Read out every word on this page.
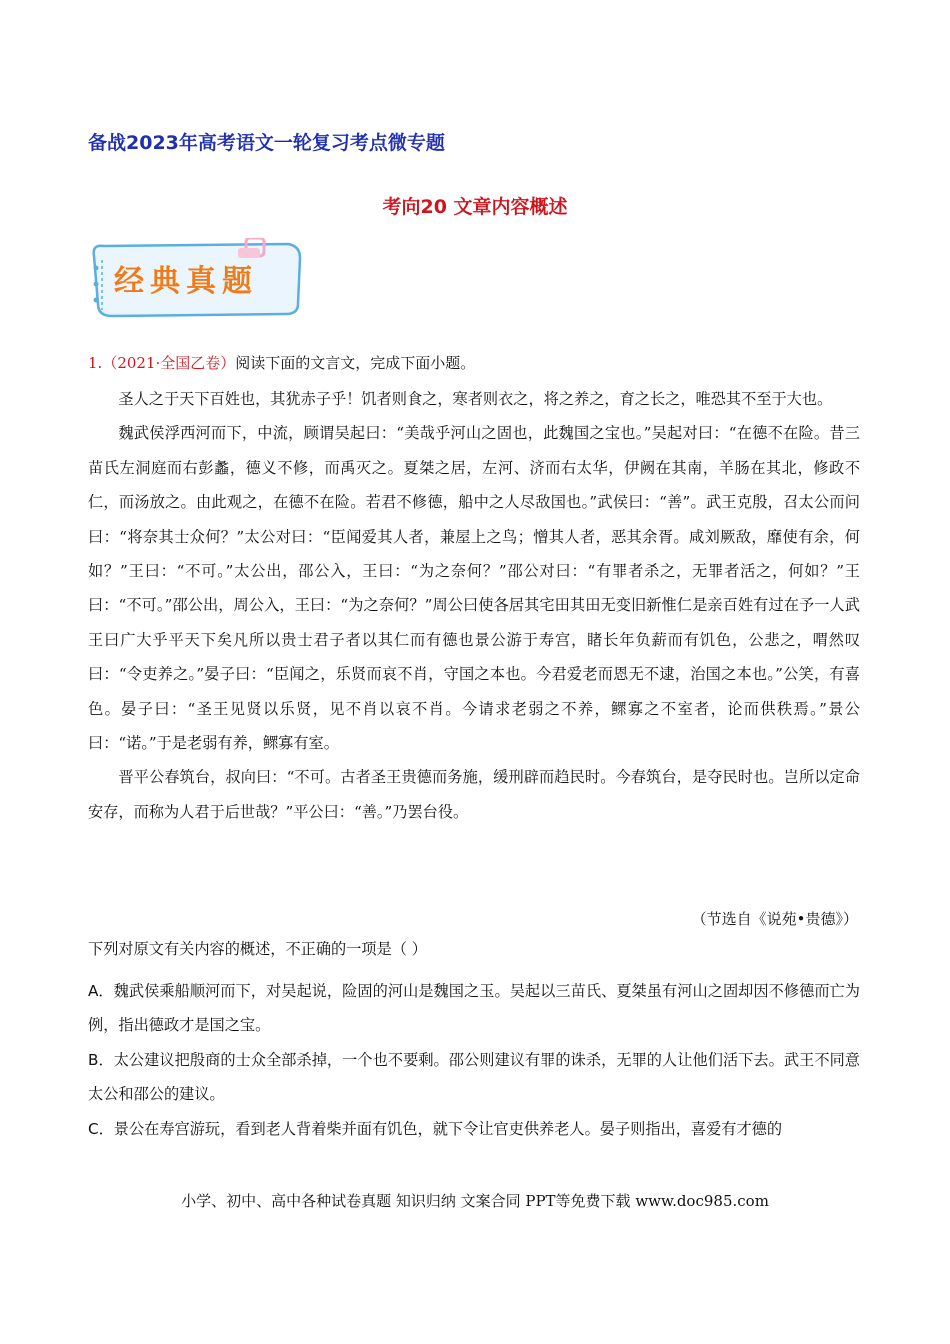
备战2023年高考语文一轮复习考点微专题
考向20 文章内容概述
经典真题
1.（2021·全国乙卷）阅读下面的文言文，完成下面小题。

圣人之于天下百姓也，其犹赤子乎！饥者则食之，寒者则衣之，将之养之，育之长之，唯恐其不至于大也。

魏武侯浮西河而下，中流，顾谓吴起曰：“美哉乎河山之固也，此魏国之宝也。”吴起对曰：“在德不在险。昔三苗氏左洞庭而右彭蠡，德义不修，而禹灭之。夏桀之居，左河、济而右太华，伊阙在其南，羊肠在其北，修政不仁，而汤放之。由此观之，在德不在险。若君不修德，船中之人尽敌国也。”武侯曰：“善”。武王克殷，召太公而问曰：“将奈其士众何？”太公对曰：“臣闻爱其人者，兼屋上之鸟；憎其人者，恶其余胥。咸刘厥敌，靡使有余，何如？”王曰：“不可。”太公出，邵公入，王曰：“为之奈何？”邵公对曰：“有罪者杀之，无罪者活之，何如？”王曰：“不可。”邵公出，周公入，王曰：“为之奈何？”周公曰使各居其宅田其田无变旧新惟仁是亲百姓有过在予一人武王曰广大乎平天下矣凡所以贵士君子者以其仁而有德也景公游于寿宫，睹长年负薪而有饥色，公悲之，喟然叹曰：“令吏养之。”晏子曰：“臣闻之，乐贤而哀不肖，守国之本也。今君爱老而恩无不逮，治国之本也。”公笑，有喜色。晏子曰：“圣王见贤以乐贤，见不肖以哀不肖。今请求老弱之不养，鳏寡之不室者，论而供秩焉。”景公曰：“诺。”于是老弱有养，鳏寡有室。

晋平公春筑台，叔向曰：“不可。古者圣王贵德而务施，缓刑辟而趋民时。今春筑台，是夺民时也。岂所以定命安存，而称为人君于后世哉？”平公曰：“善。”乃罢台役。

（节选自《说苑•贵德》）
下列对原文有关内容的概述，不正确的一项是（ ）

A．魏武侯乘船顺河而下，对吴起说，险固的河山是魏国之玉。吴起以三苗氏、夏桀虽有河山之固却因不修德而亡为例，指出德政才是国之宝。

B．太公建议把殷商的士众全部杀掉，一个也不要剩。邵公则建议有罪的诛杀，无罪的人让他们活下去。武王不同意太公和邵公的建议。

C．景公在寿宫游玩，看到老人背着柴并面有饥色，就下令让官吏供养老人。晏子则指出，喜爱有才德的

小学、初中、高中各种试卷真题 知识归纳 文案合同 PPT等免费下载 www.doc985.com
